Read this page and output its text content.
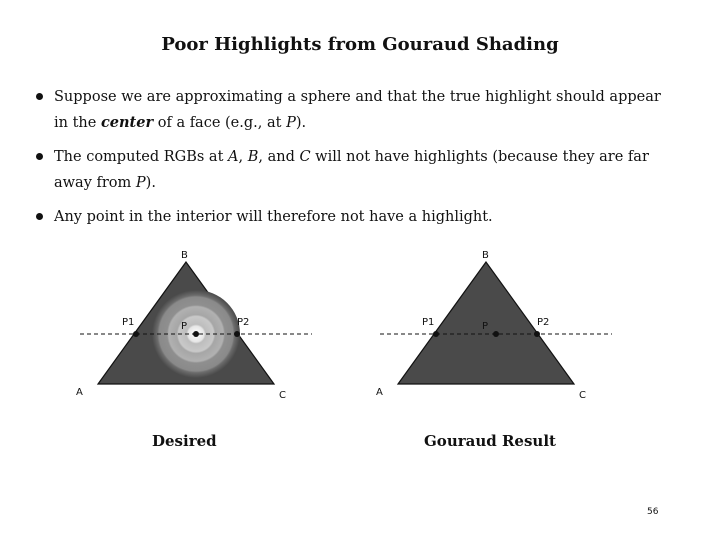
Poor Highlights from Gouraud Shading
Suppose we are approximating a sphere and that the true highlight should appear in the center of a face (e.g., at P).
The computed RGBs at A, B, and C will not have highlights (because they are far away from P).
Any point in the interior will therefore not have a highlight.
B
A	C
P1	P	P2
B
A	C
P1	P	P2
Desired	Gouraud Result
56
